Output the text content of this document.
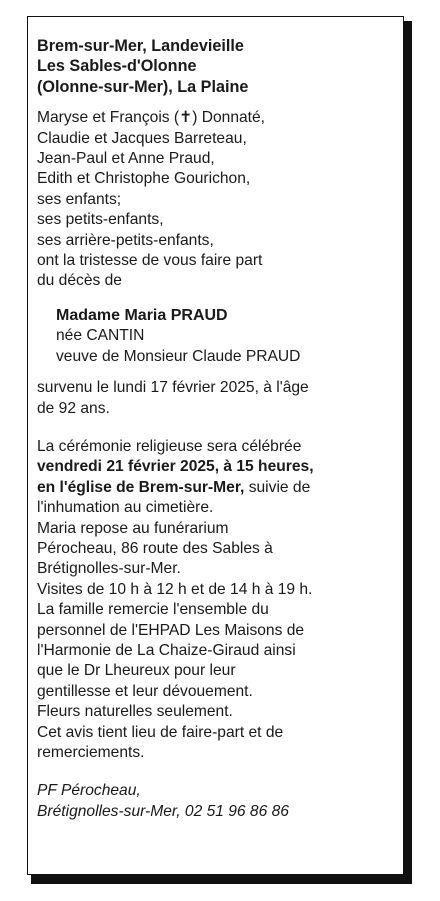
Brem-sur-Mer, Landevieille
Les Sables-d'Olonne
(Olonne-sur-Mer), La Plaine
Maryse et François (✝) Donnaté,
Claudie et Jacques Barreteau,
Jean-Paul et Anne Praud,
Edith et Christophe Gourichon,
ses enfants;
ses petits-enfants,
ses arrière-petits-enfants,
ont la tristesse de vous faire part
du décès de
Madame Maria PRAUD
née CANTIN
veuve de Monsieur Claude PRAUD
survenu le lundi 17 février 2025, à l'âge
de 92 ans.
La cérémonie religieuse sera célébrée
vendredi 21 février 2025, à 15 heures,
en l'église de Brem-sur-Mer, suivie de
l'inhumation au cimetière.
Maria repose au funérarium
Pérocheau, 86 route des Sables à
Brétignolles-sur-Mer.
Visites de 10 h à 12 h et de 14 h à 19 h.
La famille remercie l'ensemble du
personnel de l'EHPAD Les Maisons de
l'Harmonie de La Chaize-Giraud ainsi
que le Dr Lheureux pour leur
gentillesse et leur dévouement.
Fleurs naturelles seulement.
Cet avis tient lieu de faire-part et de
remerciements.
PF Pérocheau,
Brétignolles-sur-Mer, 02 51 96 86 86
